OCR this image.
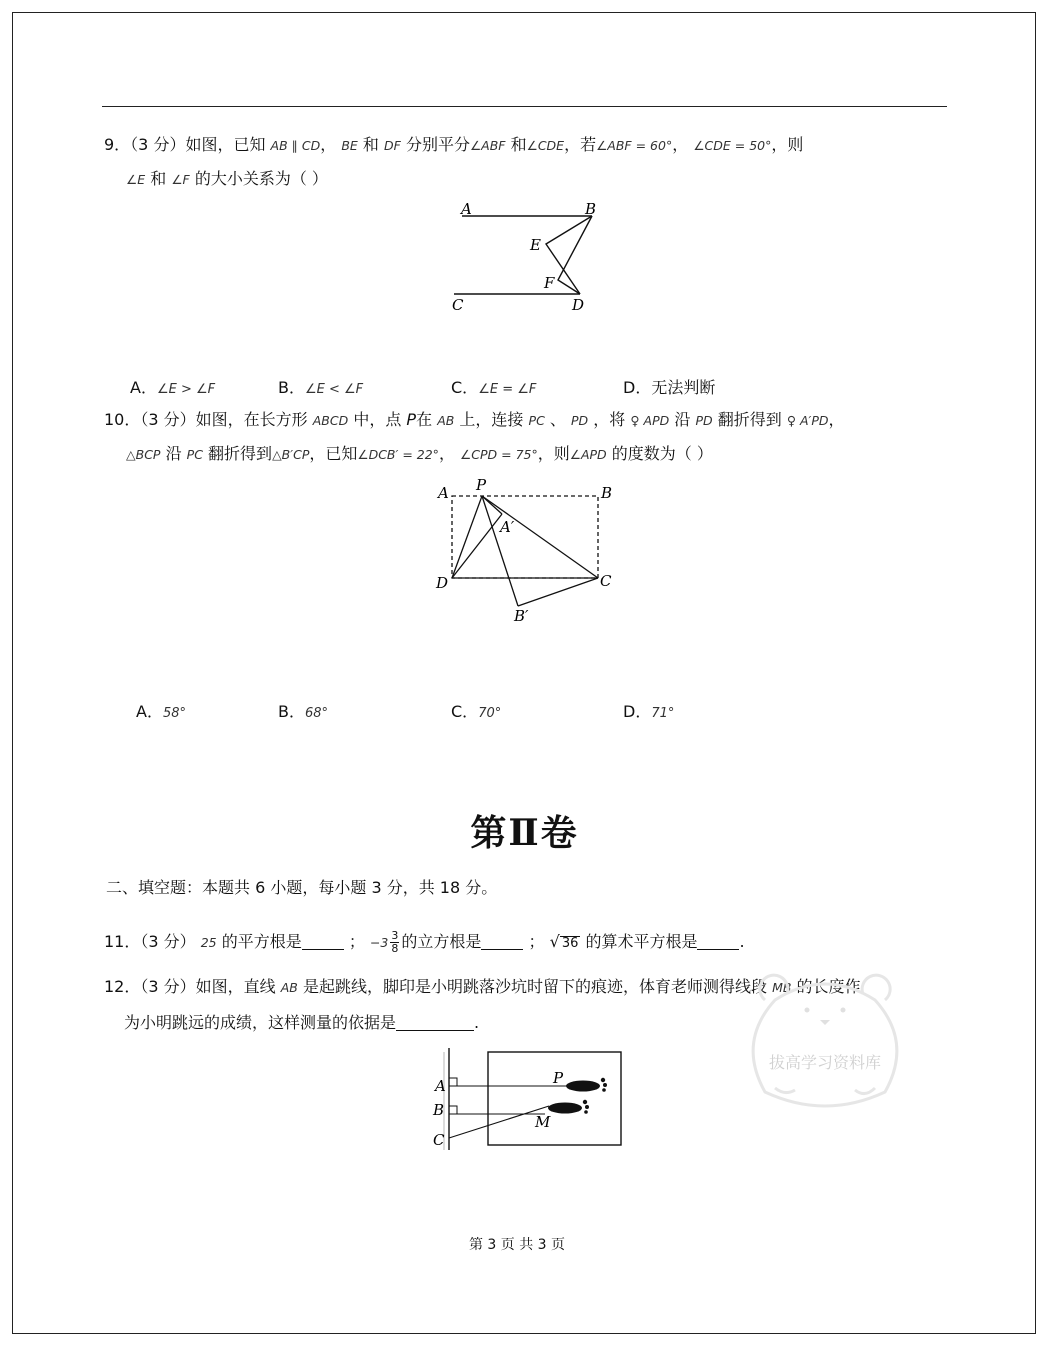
9．（3 分）如图，已知 AB ∥ CD， BE 和 DF 分别平分∠ABF 和∠CDE，若∠ABF = 60°， ∠CDE = 50°，则
∠E 和 ∠F 的大小关系为（ ）
A	B
E
F
C	D
A．∠E > ∠F	B．∠E < ∠F	C．∠E = ∠F	D．无法判断
10．（3 分）如图，在长方形 ABCD 中，点 P在 AB 上，连接 PC 、 PD ，将 ♀ APD 沿 PD 翻折得到 ♀ A′PD，
△BCP 沿 PC 翻折得到△B′CP，已知∠DCB′ = 22°， ∠CPD = 75°，则∠APD 的度数为（ ）
A P	B
A′
D	C
B′
A．58°	B．68°	C．70°	D．71°
第Ⅱ卷
二、填空题：本题共 6 小题，每小题 3 分，共 18 分。
11．（3 分） 25 的平方根是	； $-3 \frac{3}{8}$ 的立方根是	； √ 36 的算术平方根是	.
12．（3 分）如图，直线 AB 是起跳线，脚印是小明跳落沙坑时留下的痕迹，体育老师测得线段 MB 的长度作
为小明跳远的成绩，这样测量的依据是	.
A
B
C
P
M
拔高学习资料库
第 3 页 共 3 页
